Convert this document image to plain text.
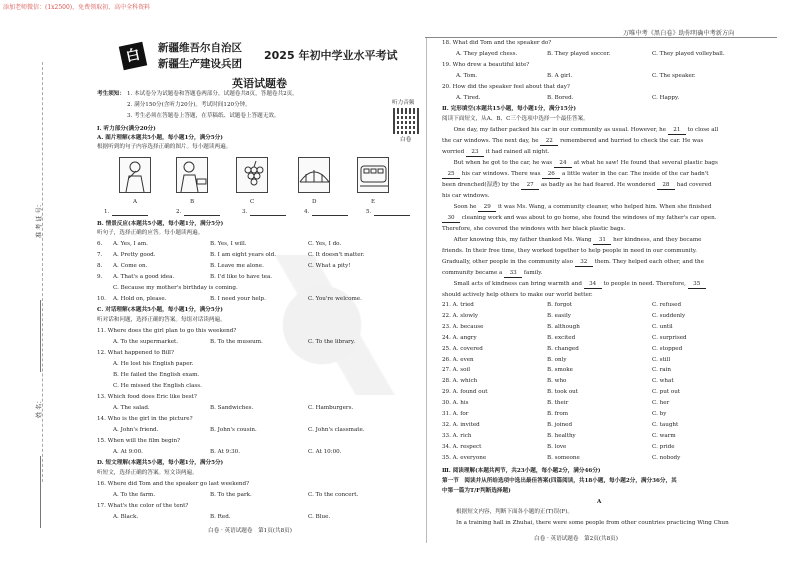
添加老师微信：(1x2500)，免费领取初、高中全科资料
万唯中考《黑白卷》助你明确中考新方向
准 考 证 号：
姓 名：
白卷
新疆维吾尔自治区
新疆生产建设兵团
2025 年初中学业水平考试
英语试题卷
考生须知： 1. 本试卷分为试题卷和答题卷两部分，试题卷共8页，答题卷共2页。
2. 满分150分(含听力20分)。考试时间120分钟。
3. 考生必须在答题卷上答题，在草稿纸、试题卷上答题无效。
听力音频
白卷
Ⅰ. 听力部分(满分20分)
A. 图片理解(本题共5小题，每小题1分，满分5分)
根据听到的句子内容选择正确的图片。每小题读两遍。
A	B	C	D	E
1.	2.	3.	4.	5.
B. 情景反应(本题共5小题，每小题1分，满分5分)
听句子，选择正确的应答。每小题读两遍。
6. A. Yes, I am.	B. Yes, I will.	C. Yes, I do.
7. A. Pretty good.	B. I am eight years old.	C. It doesn't matter.
8. A. Come on.	B. Leave me alone.	C. What a pity!
9. A. That's a good idea.	B. I'd like to have tea.
C. Because my mother's birthday is coming.
10. A. Hold on, please.	B. I need your help.	C. You're welcome.
C. 对话理解(本题共5小题，每小题1分，满分5分)
听对话和问题，选择正确的答案。每组对话读两遍。
11. Where does the girl plan to go this weekend?
A. To the supermarket.	B. To the museum.	C. To the library.
12. What happened to Bill?
A. He lost his English paper.
B. He failed the English exam.
C. He missed the English class.
13. Which food does Eric like best?
A. The salad.	B. Sandwiches.	C. Hamburgers.
14. Who is the girl in the picture?
A. John's friend.	B. John's cousin.	C. John's classmate.
15. When will the film begin?
A. At 9:00.	B. At 9:30.	C. At 10:00.
D. 短文理解(本题共5小题，每小题1分，满分5分)
听短文，选择正确的答案。短文读两遍。
16. Where did Tom and the speaker go last weekend?
A. To the farm.	B. To the park.	C. To the concert.
17. What's the color of the tent?
A. Black.	B. Red.	C. Blue.
白卷 · 英语试题卷　第1页(共8页)
18. What did Tom and the speaker do?
A. They played chess.	B. They played soccer.	C. They played volleyball.
19. Who drew a beautiful kite?
A. Tom.	B. A girl.	C. The speaker.
20. How did the speaker feel about that day?
A. Tired.	B. Bored.	C. Happy.
Ⅱ. 完形填空(本题共15小题，每小题1分，满分15分)
阅读下面短文，从A、B、C三个选项中选择一个最佳答案。
　One day, my father packed his car in our community as usual. However, he 21 to close all
the car windows. The next day, he 22 remembered and hurried to check the car. He was
worried 23 it had rained all night.
　But when he got to the car, he was 24 at what he saw! He found that several plastic bags
25 his car windows. There was 26 a little water in the car. The inside of the car hadn't
been drenched(湿透) by the 27 as badly as he had feared. He wondered 28 had covered
his car windows.
　Soon he 29 it was Ms. Wang, a community cleaner, who helped him. When she finished
30 cleaning work and was about to go home, she found the windows of my father's car open.
Therefore, she covered the windows with her black plastic bags.
　After knowing this, my father thanked Ms. Wang 31 her kindness, and they became
friends. In their free time, they worked together to help people in need in our community.
Gradually, other people in the community also 32 them. They helped each other, and the
community became a 33 family.
　Small acts of kindness can bring warmth and 34 to people in need. Therefore, 35
should actively help others to make our world better.
21. A. tried	B. forgot	C. refused
22. A. slowly	B. easily	C. suddenly
23. A. because	B. although	C. until
24. A. angry	B. excited	C. surprised
25. A. covered	B. changed	C. stopped
26. A. even	B. only	C. still
27. A. soil	B. smoke	C. rain
28. A. which	B. who	C. what
29. A. found out	B. took out	C. put out
30. A. his	B. their	C. her
31. A. for	B. from	C. by
32. A. invited	B. joined	C. taught
33. A. rich	B. healthy	C. warm
34. A. respect	B. love	C. pride
35. A. everyone	B. someone	C. nobody
Ⅲ. 阅读理解(本题共两节，共23小题，每小题2分，满分46分)
第一节　阅读并从所给选项中选出最佳答案(四篇阅读，共18小题，每小题2分，满分36分，其
中第一篇为T/F判断选择题)
A
根据短文内容，判断下面各小题的正(T)误(F)。
In a training hall in Zhuhai, there were some people from other countries practicing Wing Chun
白卷 · 英语试题卷　第2页(共8页)
